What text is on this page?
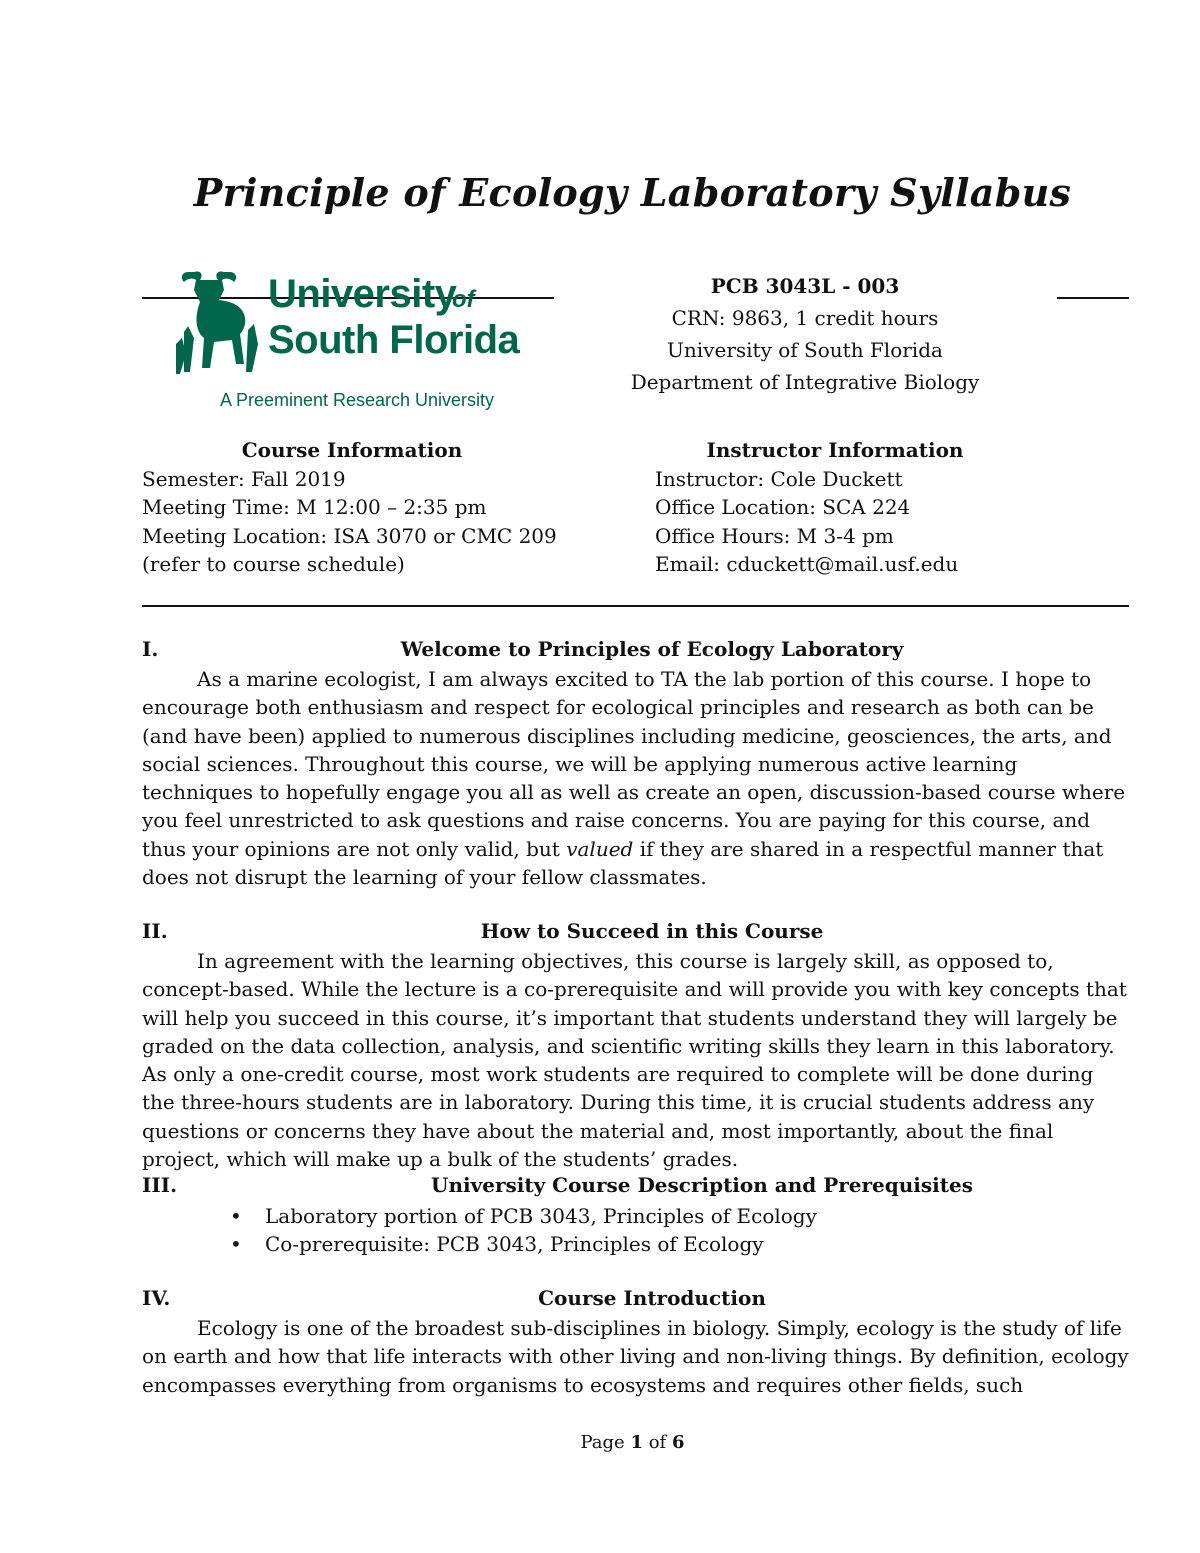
Principle of Ecology Laboratory Syllabus
University
of
South Florida
A Preeminent Research University
PCB 3043L - 003
CRN: 9863, 1 credit hours
University of South Florida
Department of Integrative Biology
Course Information
Semester: Fall 2019
Meeting Time: M 12:00 – 2:35 pm
Meeting Location: ISA 3070 or CMC 209
(refer to course schedule)
Instructor Information
Instructor: Cole Duckett
Office Location: SCA 224
Office Hours: M 3-4 pm
Email: cduckett@mail.usf.edu
Welcome to Principles of Ecology Laboratory
I.

As a marine ecologist, I am always excited to TA the lab portion of this course. I hope to encourage both enthusiasm and respect for ecological principles and research as both can be (and have been) applied to numerous disciplines including medicine, geosciences, the arts, and social sciences. Throughout this course, we will be applying numerous active learning techniques to hopefully engage you all as well as create an open, discussion-based course where you feel unrestricted to ask questions and raise concerns. You are paying for this course, and thus your opinions are not only valid, but valued if they are shared in a respectful manner that does not disrupt the learning of your fellow classmates.

How to Succeed in this Course
II.

In agreement with the learning objectives, this course is largely skill, as opposed to, concept-based. While the lecture is a co-prerequisite and will provide you with key concepts that will help you succeed in this course, it’s important that students understand they will largely be graded on the data collection, analysis, and scientific writing skills they learn in this laboratory. As only a one-credit course, most work students are required to complete will be done during the three-hours students are in laboratory. During this time, it is crucial students address any questions or concerns they have about the material and, most importantly, about the final project, which will make up a bulk of the students’ grades.

University Course Description and Prerequisites
III.
• Laboratory portion of PCB 3043, Principles of Ecology
• Co-prerequisite: PCB 3043, Principles of Ecology
Course Introduction
IV.

Ecology is one of the broadest sub-disciplines in biology. Simply, ecology is the study of life on earth and how that life interacts with other living and non-living things. By definition, ecology encompasses everything from organisms to ecosystems and requires other fields, such

Page 1 of 6
